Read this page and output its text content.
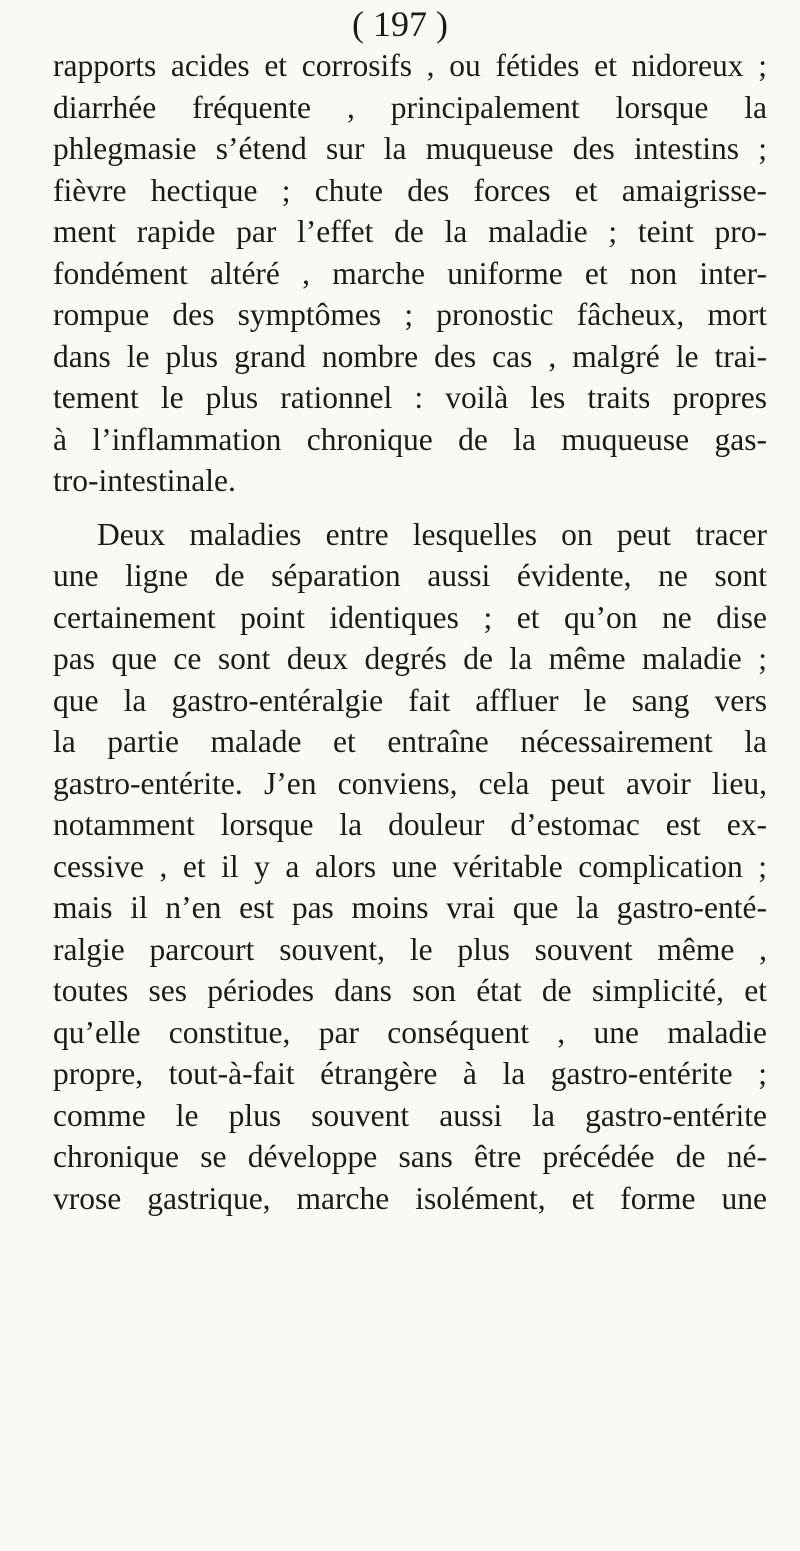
( 197 )
rapports acides et corrosifs , ou fétides et nidoreux ;
diarrhée fréquente , principalement lorsque la
phlegmasie s’étend sur la muqueuse des intestins ;
fièvre hectique ; chute des forces et amaigrisse-
ment rapide par l’effet de la maladie ; teint pro-
fondément altéré , marche uniforme et non inter-
rompue des symptômes ; pronostic fâcheux, mort
dans le plus grand nombre des cas , malgré le trai-
tement le plus rationnel : voilà les traits propres
à l’inflammation chronique de la muqueuse gas-
tro-intestinale.
Deux maladies entre lesquelles on peut tracer
une ligne de séparation aussi évidente, ne sont
certainement point identiques ; et qu’on ne dise
pas que ce sont deux degrés de la même maladie ;
que la gastro-entéralgie fait affluer le sang vers
la partie malade et entraîne nécessairement la
gastro-entérite. J’en conviens, cela peut avoir lieu,
notamment lorsque la douleur d’estomac est ex-
cessive , et il y a alors une véritable complication ;
mais il n’en est pas moins vrai que la gastro-enté-
ralgie parcourt souvent, le plus souvent même ,
toutes ses périodes dans son état de simplicité, et
qu’elle constitue, par conséquent , une maladie
propre, tout-à-fait étrangère à la gastro-entérite ;
comme le plus souvent aussi la gastro-entérite
chronique se développe sans être précédée de né-
vrose gastrique, marche isolément, et forme une
